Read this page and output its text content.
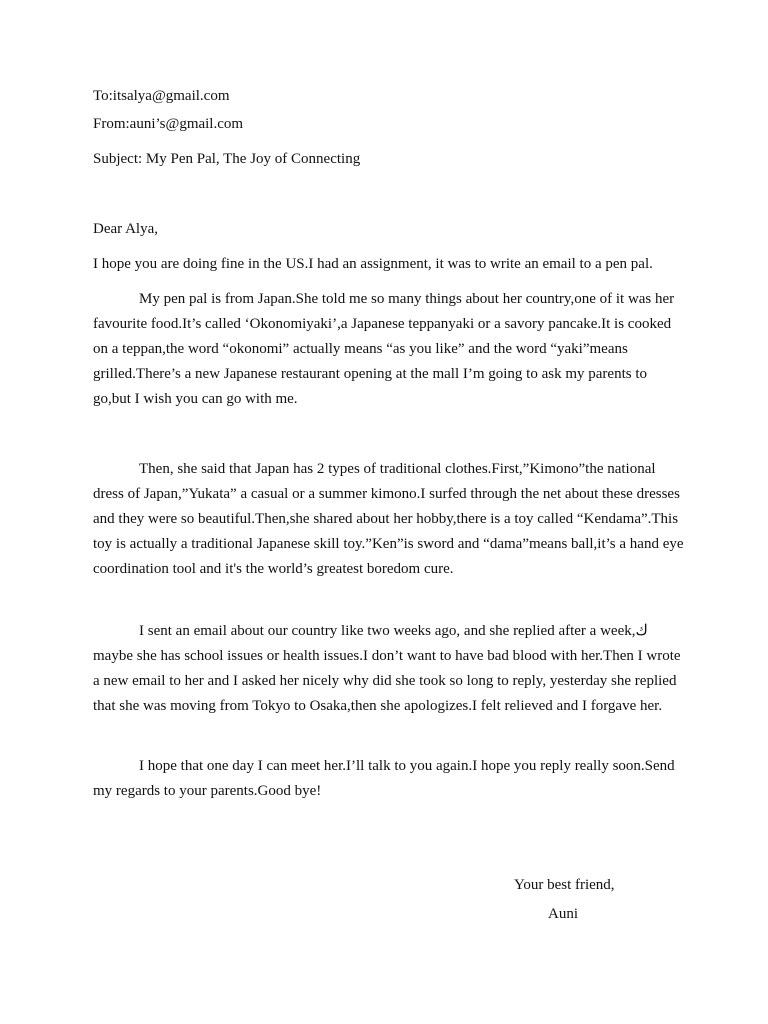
To:itsalya@gmail.com

From:auni’s@gmail.com

Subject: My Pen Pal, The Joy of Connecting

Dear Alya,

I hope you are doing fine in the US.I had an assignment, it was to write an email to a pen pal.

My pen pal is from Japan.She told me so many things about her country,one of it was her favourite food.It’s called ‘Okonomiyaki’,a Japanese teppanyaki or a savory pancake.It is cooked on a teppan,the word “okonomi” actually means “as you like” and the word “yaki”means grilled.There’s a new Japanese restaurant opening at the mall I’m going to ask my parents to go,but I wish you can go with me.

Then, she said that Japan has 2 types of traditional clothes.First,”Kimono”the national dress of Japan,”Yukata” a casual or a summer kimono.I surfed through the net about these dresses and they were so beautiful.Then,she shared about her hobby,there is a toy called “Kendama”.This toy is actually a traditional Japanese skill toy.”Ken”is sword and “dama”means ball,it’s a hand eye coordination tool and it's the world’s greatest boredom cure.

I sent an email about our country like two weeks ago, and she replied after a week,ك maybe she has school issues or health issues.I don’t want to have bad blood with her.Then I wrote a new email to her and I asked her nicely why did she took so long to reply, yesterday she replied that she was moving from Tokyo to Osaka,then she apologizes.I felt relieved and I forgave her.

I hope that one day I can meet her.I’ll talk to you again.I hope you reply really soon.Send my regards to your parents.Good bye!

Your best friend,

Auni
